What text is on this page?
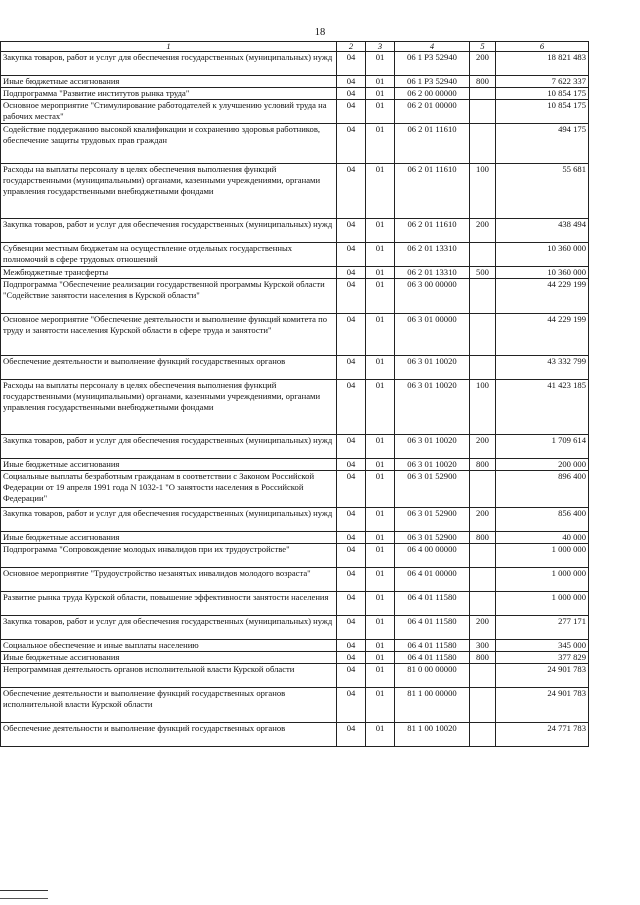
18
1	2	3	4	5	6
Закупка товаров, работ и услуг для обеспечения государственных (муниципальных) нужд	04	01	06 1 P3 52940	200	18 821 483
Иные бюджетные ассигнования	04	01	06 1 P3 52940	800	7 622 337
Подпрограмма "Развитие институтов рынка труда"	04	01	06 2 00 00000		10 854 175
Основное мероприятие "Стимулирование работодателей к улучшению условий труда на рабочих местах"	04	01	06 2 01 00000		10 854 175
Содействие поддержанию высокой квалификации и сохранению здоровья работников, обеспечение защиты трудовых прав граждан	04	01	06 2 01 11610		494 175
Расходы на выплаты персоналу в целях обеспечения выполнения функций государственными (муниципальными) органами, казенными учреждениями, органами управления государственными внебюджетными фондами	04	01	06 2 01 11610	100	55 681
Закупка товаров, работ и услуг для обеспечения государственных (муниципальных) нужд	04	01	06 2 01 11610	200	438 494
Субвенции местным бюджетам на осуществление отдельных государственных полномочий в сфере трудовых отношений	04	01	06 2 01 13310		10 360 000
Межбюджетные трансферты	04	01	06 2 01 13310	500	10 360 000
Подпрограмма "Обеспечение реализации государственной программы Курской области "Содействие занятости населения в Курской области"	04	01	06 3 00 00000		44 229 199
Основное мероприятие "Обеспечение деятельности и выполнение функций комитета по труду и занятости населения Курской области в сфере труда и занятости"	04	01	06 3 01 00000		44 229 199
Обеспечение деятельности и выполнение функций государственных органов	04	01	06 3 01 10020		43 332 799
Расходы на выплаты персоналу в целях обеспечения выполнения функций государственными (муниципальными) органами, казенными учреждениями, органами управления государственными внебюджетными фондами	04	01	06 3 01 10020	100	41 423 185
Закупка товаров, работ и услуг для обеспечения государственных (муниципальных) нужд	04	01	06 3 01 10020	200	1 709 614
Иные бюджетные ассигнования	04	01	06 3 01 10020	800	200 000
Социальные выплаты безработным гражданам в соответствии с Законом Российской Федерации от 19 апреля 1991 года N 1032-1 "О занятости населения в Российской Федерации"	04	01	06 3 01 52900		896 400
Закупка товаров, работ и услуг для обеспечения государственных (муниципальных) нужд	04	01	06 3 01 52900	200	856 400
Иные бюджетные ассигнования	04	01	06 3 01 52900	800	40 000
Подпрограмма "Сопровождение молодых инвалидов при их трудоустройстве"	04	01	06 4 00 00000		1 000 000
Основное мероприятие "Трудоустройство незанятых инвалидов молодого возраста"	04	01	06 4 01 00000		1 000 000
Развитие рынка труда Курской области, повышение эффективности занятости населения	04	01	06 4 01 11580		1 000 000
Закупка товаров, работ и услуг для обеспечения государственных (муниципальных) нужд	04	01	06 4 01 11580	200	277 171
Социальное обеспечение и иные выплаты населению	04	01	06 4 01 11580	300	345 000
Иные бюджетные ассигнования	04	01	06 4 01 11580	800	377 829
Непрограммная деятельность органов исполнительной власти Курской области	04	01	81 0 00 00000		24 901 783
Обеспечение деятельности и выполнение функций государственных органов исполнительной власти Курской области	04	01	81 1 00 00000		24 901 783
Обеспечение деятельности и выполнение функций государственных органов	04	01	81 1 00 10020		24 771 783
